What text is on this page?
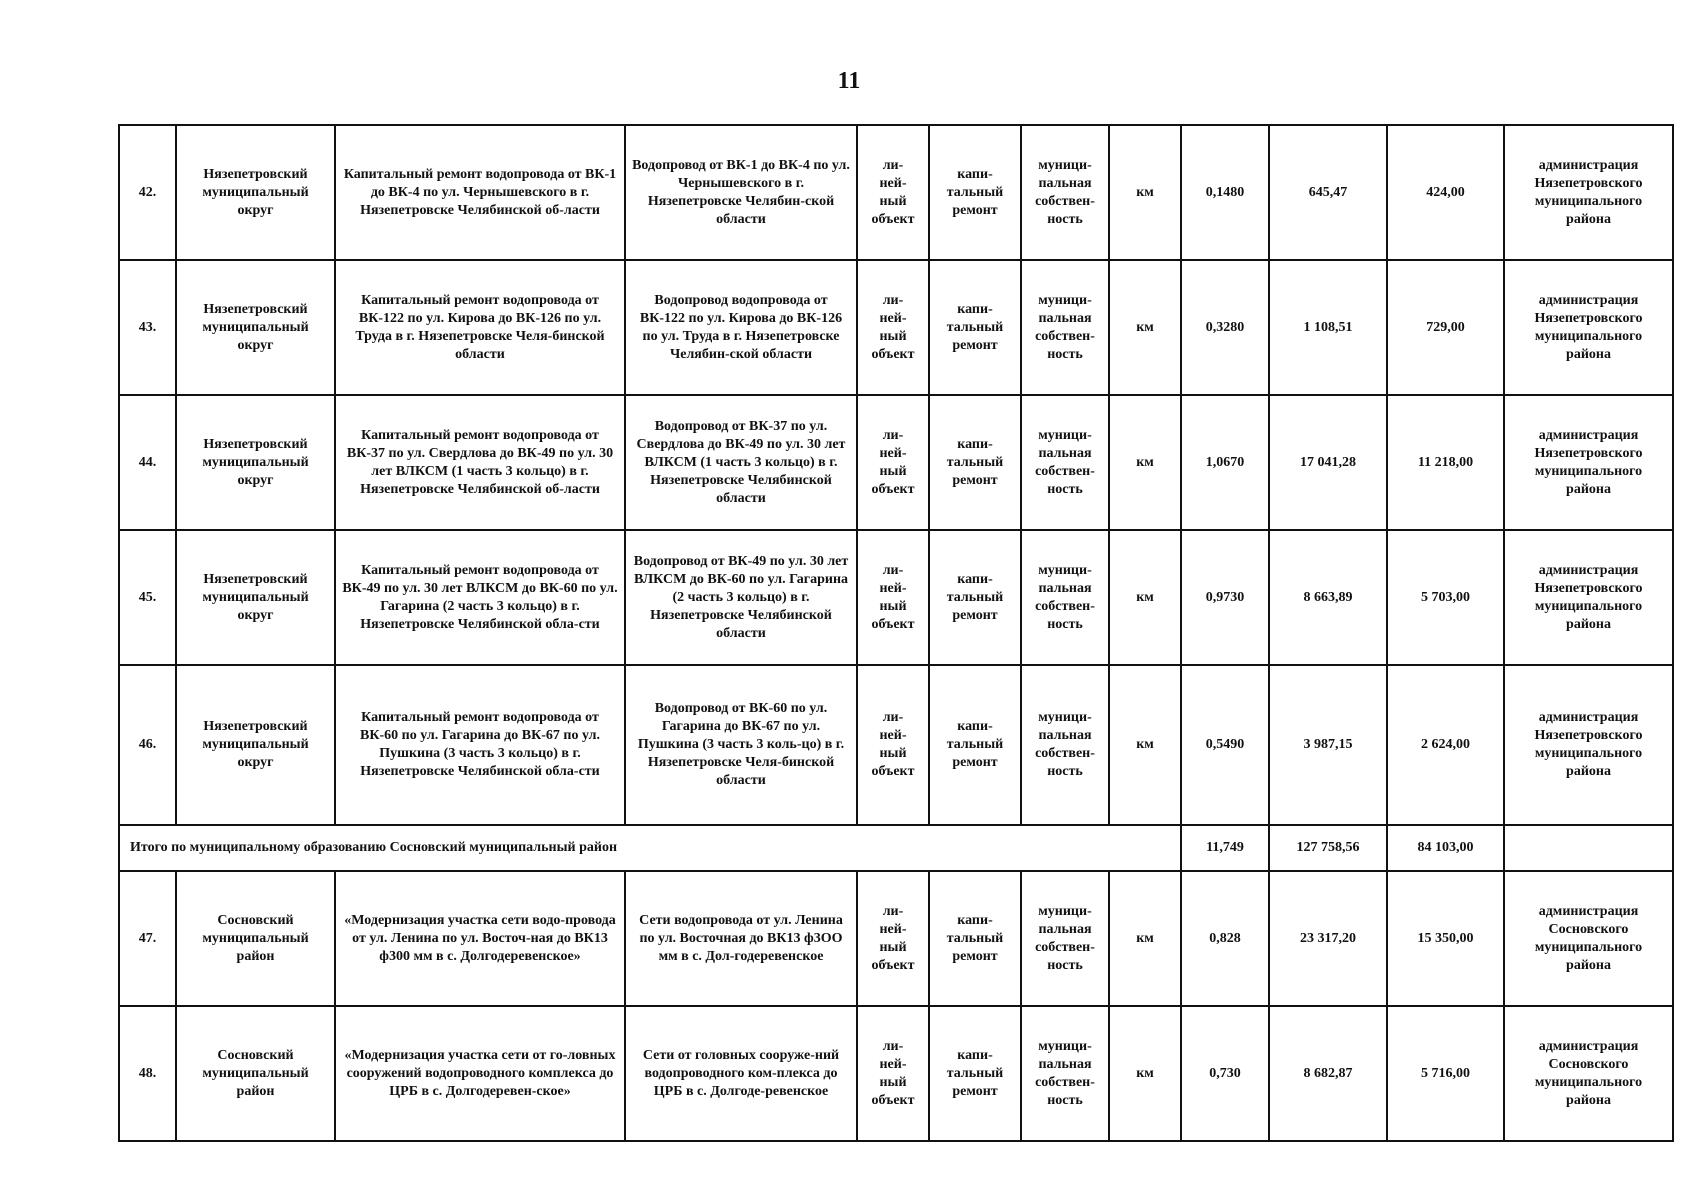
11
42.	Нязепетровский муниципальный округ	Капитальный ремонт водопровода от ВК-1 до ВК-4 по ул. Чернышевского в г. Нязепетровске Челябинской об-ласти	Водопровод от ВК-1 до ВК-4 по ул. Чернышевского в г. Нязепетровске Челябин-ской области	ли-
ней-
ный
объект	капи-
тальный
ремонт	муници-
пальная
собствен-
ность	км	0,1480	645,47	424,00	администрация Нязепетровского муниципального района
43.	Нязепетровский муниципальный округ	Капитальный ремонт водопровода от ВК-122 по ул. Кирова до ВК-126 по ул. Труда в г. Нязепетровске Челя-бинской области	Водопровод водопровода от ВК-122 по ул. Кирова до ВК-126 по ул. Труда в г. Нязепетровске Челябин-ской области	ли-
ней-
ный
объект	капи-
тальный
ремонт	муници-
пальная
собствен-
ность	км	0,3280	1 108,51	729,00	администрация Нязепетровского муниципального района
44.	Нязепетровский муниципальный округ	Капитальный ремонт водопровода от ВК-37 по ул. Свердлова до ВК-49 по ул. 30 лет ВЛКСМ (1 часть 3 кольцо) в г. Нязепетровске Челябинской об-ласти	Водопровод от ВК-37 по ул. Свердлова до ВК-49 по ул. 30 лет ВЛКСМ (1 часть 3 кольцо) в г. Нязепетровске Челябинской области	ли-
ней-
ный
объект	капи-
тальный
ремонт	муници-
пальная
собствен-
ность	км	1,0670	17 041,28	11 218,00	администрация Нязепетровского муниципального района
45.	Нязепетровский муниципальный округ	Капитальный ремонт водопровода от ВК-49 по ул. 30 лет ВЛКСМ до ВК-60 по ул. Гагарина (2 часть 3 кольцо) в г. Нязепетровске Челябинской обла-сти	Водопровод от ВК-49 по ул. 30 лет ВЛКСМ до ВК-60 по ул. Гагарина (2 часть 3 кольцо) в г. Нязепетровске Челябинской области	ли-
ней-
ный
объект	капи-
тальный
ремонт	муници-
пальная
собствен-
ность	км	0,9730	8 663,89	5 703,00	администрация Нязепетровского муниципального района
46.	Нязепетровский муниципальный округ	Капитальный ремонт водопровода от ВК-60 по ул. Гагарина до ВК-67 по ул. Пушкина (3 часть 3 кольцо) в г. Нязепетровске Челябинской обла-сти	Водопровод от ВК-60 по ул. Гагарина до ВК-67 по ул. Пушкина (3 часть 3 коль-цо) в г. Нязепетровске Челя-бинской области	ли-
ней-
ный
объект	капи-
тальный
ремонт	муници-
пальная
собствен-
ность	км	0,5490	3 987,15	2 624,00	администрация Нязепетровского муниципального района
Итого по муниципальному образованию Сосновский муниципальный район								11,749	127 758,56	84 103,00	
47.	Сосновский муниципальный район	«Модернизация участка сети водо-провода от ул. Ленина по ул. Восточ-ная до ВК13 ф300 мм в с. Долгодеревенское»	Сети водопровода от ул. Ленина по ул. Восточная до ВК13 ф3ОО мм в с. Дол-годеревенское	ли-
ней-
ный
объект	капи-
тальный
ремонт	муници-
пальная
собствен-
ность	км	0,828	23 317,20	15 350,00	администрация Сосновского муниципального района
48.	Сосновский муниципальный район	«Модернизация участка сети от го-ловных сооружений водопроводного комплекса до ЦРБ в с. Долгодеревен-ское»	Сети от головных сооруже-ний водопроводного ком-плекса до ЦРБ в с. Долгоде-ревенское	ли-
ней-
ный
объект	капи-
тальный
ремонт	муници-
пальная
собствен-
ность	км	0,730	8 682,87	5 716,00	администрация Сосновского муниципального района
